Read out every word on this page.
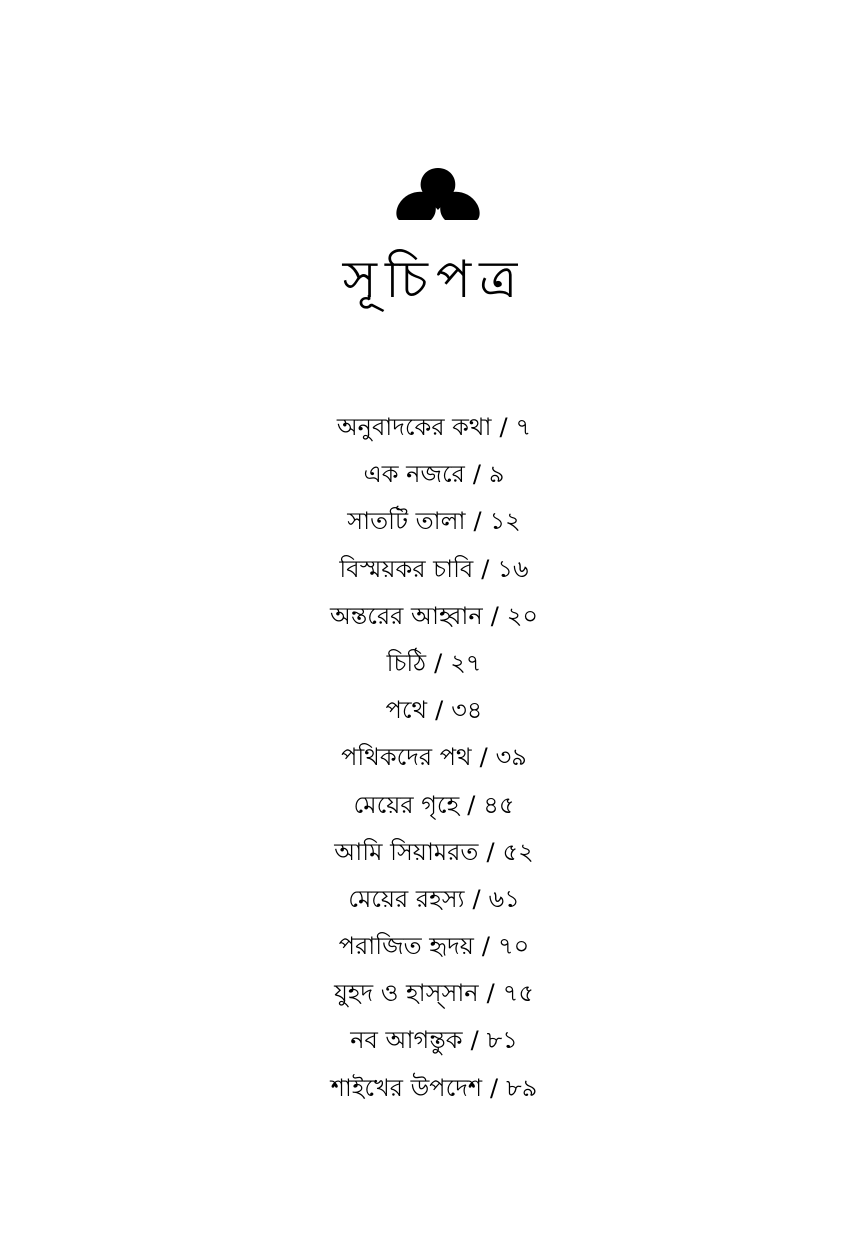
সূচিপত্র
অনুবাদকের কথা / ৭
এক নজরে / ৯
সাতটি তালা / ১২
বিস্ময়কর চাবি / ১৬
অন্তরের আহ্বান / ২০
চিঠি / ২৭
পথে / ৩৪
পথিকদের পথ / ৩৯
মেয়ের গৃহে / ৪৫
আমি সিয়ামরত / ৫২
মেয়ের রহস্য / ৬১
পরাজিত হৃদয় / ৭০
যুহদ ও হাস্‌সান / ৭৫
নব আগন্তুক / ৮১
শাইখের উপদেশ / ৮৯
